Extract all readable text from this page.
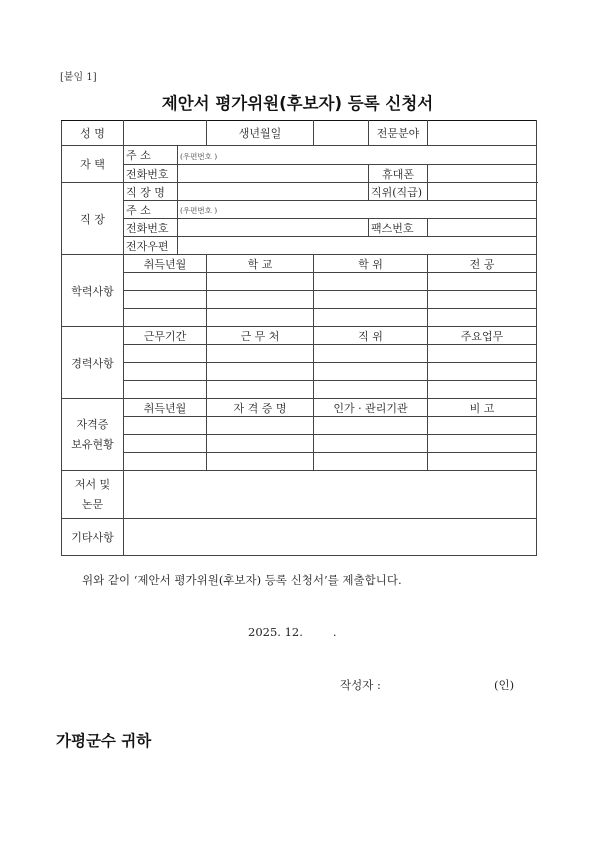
[붙임 1]
제안서 평가위원(후보자) 등록 신청서
성 명			생년월일		전문분야	
자 택	주 소	(우편번호 )				
	전화번호				휴대폰	
직 장	직 장 명				직위(직급)	
	주 소	(우편번호 )				
	전화번호				팩스번호	
	전자우편					
학력사항	취득년월		학 교	학 위		전 공

경력사항	근무기간		근 무 처	직 위		주요업무

자격증
보유현황	취득년월		자 격 증 명	인가 · 관리기관		비 고

저서 및
논문						

기타사항						
위와 같이 ‘제안서 평가위원(후보자) 등록 신청서’를 제출합니다.
2025. 12.	.
작성자 :	(인)
가평군수 귀하
